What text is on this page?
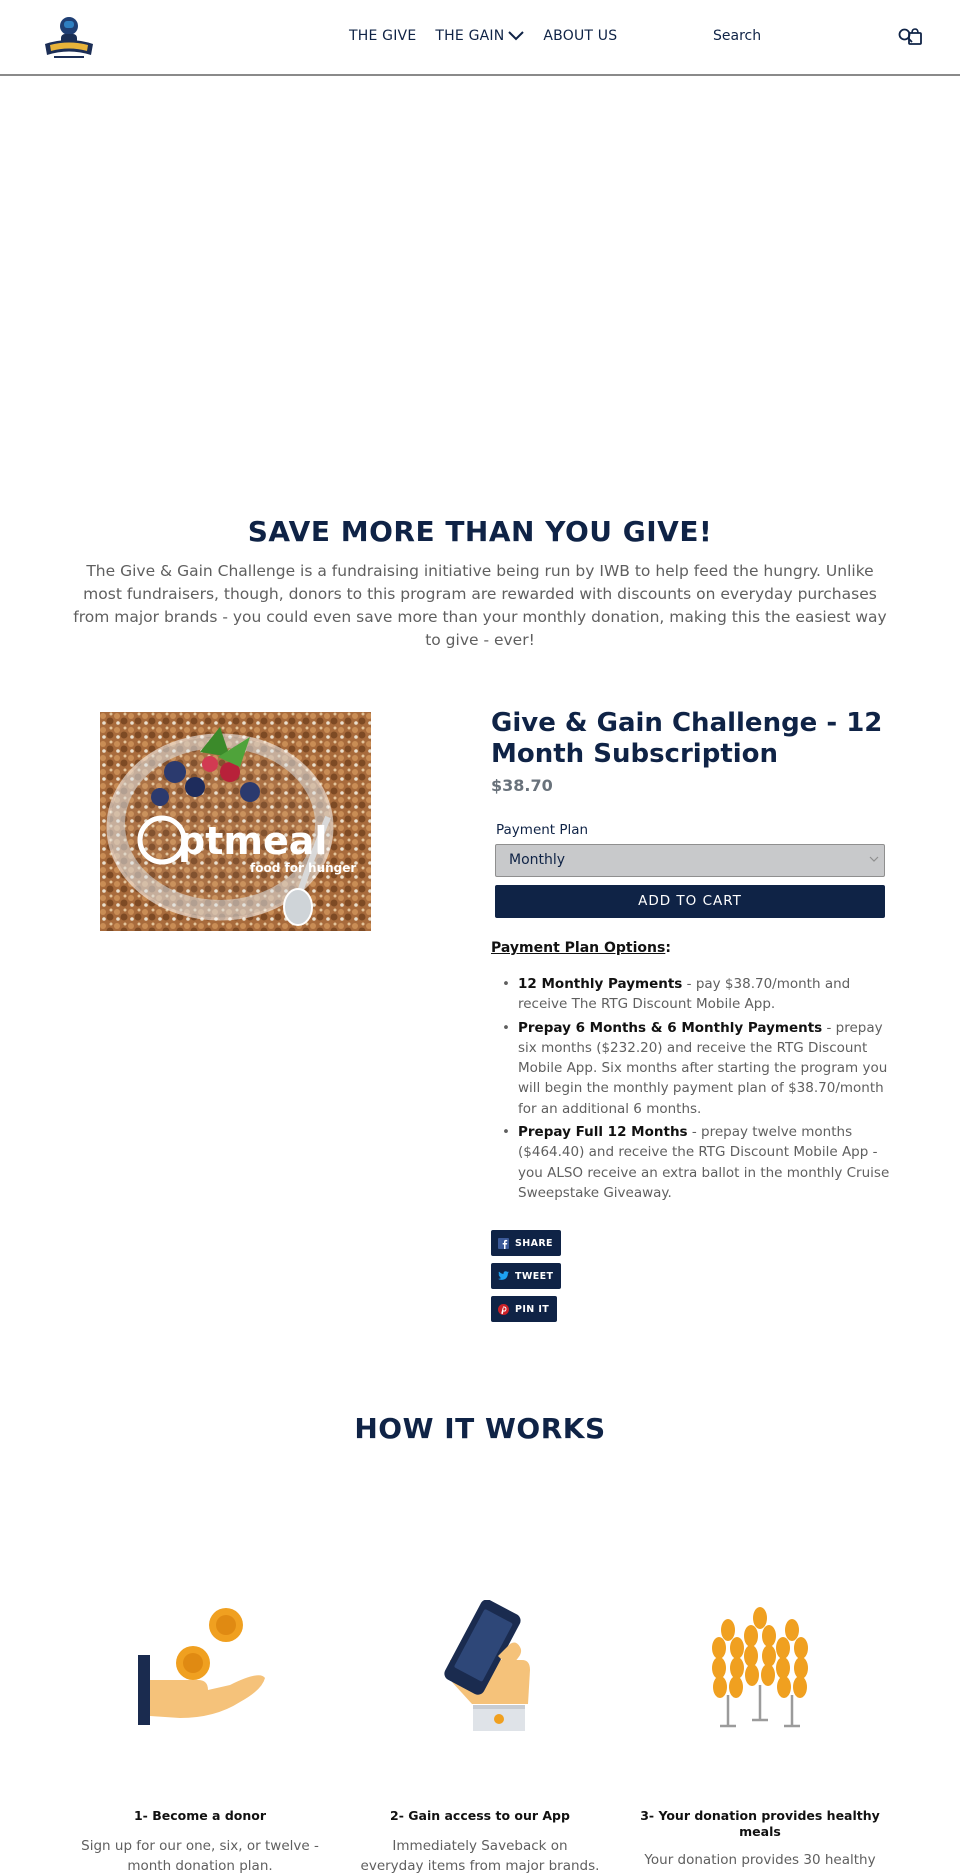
THE GIVE THE GAIN	ABOUT US	Search
SAVE MORE THAN YOU GIVE!

The Give & Gain Challenge is a fundraising initiative being run by IWB to help feed the hungry. Unlike most fundraisers, though, donors to this program are rewarded with discounts on everyday purchases from major brands - you could even save more than your monthly donation, making this the easiest way to give - ever!

ptmeal
food for hunger
Give & Gain Challenge - 12 Month Subscription
$38.70
Payment Plan
Monthly
ADD TO CART
Payment Plan Options:
• 12 Monthly Payments - pay $38.70/month and receive The RTG Discount Mobile App.
• Prepay 6 Months & 6 Monthly Payments - prepay six months ($232.20) and receive the RTG Discount Mobile App. Six months after starting the program you will begin the monthly payment plan of $38.70/month for an additional 6 months.
• Prepay Full 12 Months - prepay twelve months ($464.40) and receive the RTG Discount Mobile App - you ALSO receive an extra ballot in the monthly Cruise Sweepstake Giveaway.
SHARE
TWEET
PIN IT
HOW IT WORKS
1- Become a donor
Sign up for our one, six, or twelve - month donation plan.
2- Gain access to our App
Immediately Saveback on everyday items from major brands.
3- Your donation provides healthy meals
Your donation provides 30 healthy
